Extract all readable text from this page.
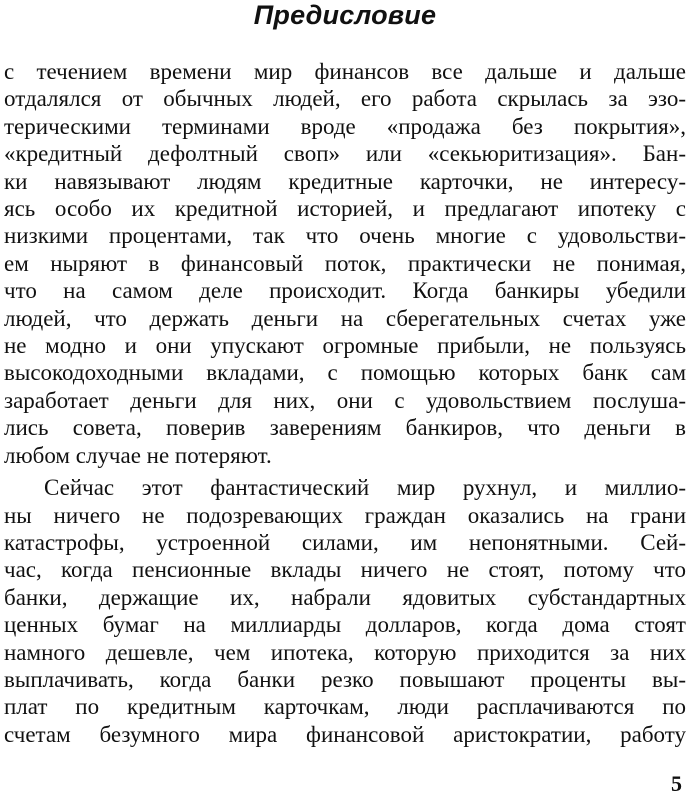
Предисловие

с течением времени мир финансов все дальше и дальше
отдалялся от обычных людей, его работа скрылась за эзо-
терическими терминами вроде «продажа без покрытия»,
«кредитный дефолтный своп» или «секьюритизация». Бан-
ки навязывают людям кредитные карточки, не интересу-
ясь особо их кредитной историей, и предлагают ипотеку с
низкими процентами, так что очень многие с удовольстви-
ем ныряют в финансовый поток, практически не понимая,
что на самом деле происходит. Когда банкиры убедили
людей, что держать деньги на сберегательных счетах уже
не модно и они упускают огромные прибыли, не пользуясь
высокодоходными вкладами, с помощью которых банк сам
заработает деньги для них, они с удовольствием послуша-
лись совета, поверив заверениям банкиров, что деньги в
любом случае не потеряют.

Сейчас этот фантастический мир рухнул, и миллио-
ны ничего не подозревающих граждан оказались на грани
катастрофы, устроенной силами, им непонятными. Сей-
час, когда пенсионные вклады ничего не стоят, потому что
банки, держащие их, набрали ядовитых субстандартных
ценных бумаг на миллиарды долларов, когда дома стоят
намного дешевле, чем ипотека, которую приходится за них
выплачивать, когда банки резко повышают проценты вы-
плат по кредитным карточкам, люди расплачиваются по
счетам безумного мира финансовой аристократии, работу

5
